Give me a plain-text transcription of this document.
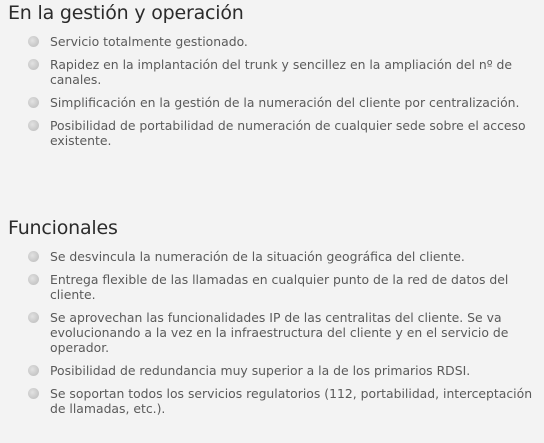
En la gestión y operación
Servicio totalmente gestionado.
Rapidez en la implantación del trunk y sencillez en la ampliación del nº de canales.
Simplificación en la gestión de la numeración del cliente por centralización.
Posibilidad de portabilidad de numeración de cualquier sede sobre el acceso existente.
Funcionales
Se desvincula la numeración de la situación geográfica del cliente.
Entrega flexible de las llamadas en cualquier punto de la red de datos del cliente.
Se aprovechan las funcionalidades IP de las centralitas del cliente. Se va evolucionando a la vez en la infraestructura del cliente y en el servicio de operador.
Posibilidad de redundancia muy superior a la de los primarios RDSI.
Se soportan todos los servicios regulatorios (112, portabilidad, interceptación de llamadas, etc.).
